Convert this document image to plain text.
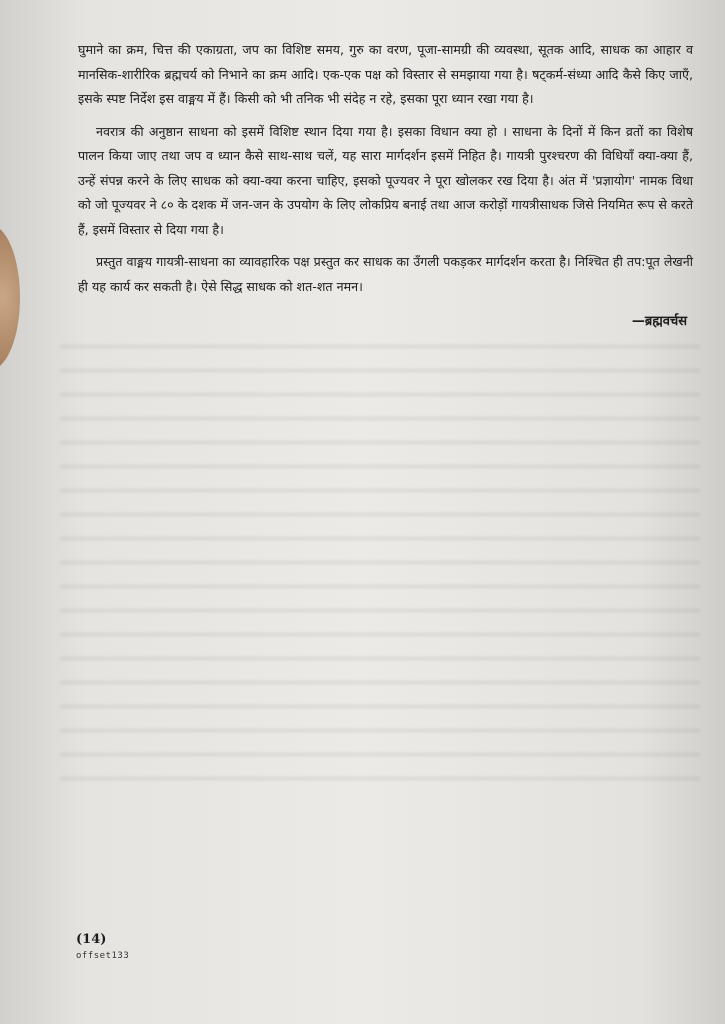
घुमाने का क्रम, चित्त की एकाग्रता, जप का विशिष्ट समय, गुरु का वरण, पूजा-सामग्री की व्यवस्था, सूतक आदि, साधक का आहार व मानसिक-शारीरिक ब्रह्मचर्य को निभाने का क्रम आदि। एक-एक पक्ष को विस्तार से समझाया गया है। षट्कर्म-संध्या आदि कैसे किए जाएँ, इसके स्पष्ट निर्देश इस वाङ्मय में हैं। किसी को भी तनिक भी संदेह न रहे, इसका पूरा ध्यान रखा गया है।

नवरात्र की अनुष्ठान साधना को इसमें विशिष्ट स्थान दिया गया है। इसका विधान क्या हो । साधना के दिनों में किन व्रतों का विशेष पालन किया जाए तथा जप व ध्यान कैसे साथ-साथ चलें, यह सारा मार्गदर्शन इसमें निहित है। गायत्री पुरश्चरण की विधियाँ क्या-क्या हैं, उन्हें संपन्न करने के लिए साधक को क्या-क्या करना चाहिए, इसको पूज्यवर ने पूरा खोलकर रख दिया है। अंत में 'प्रज्ञायोग' नामक विधा को जो पूज्यवर ने ८० के दशक में जन-जन के उपयोग के लिए लोकप्रिय बनाई तथा आज करोड़ों गायत्रीसाधक जिसे नियमित रूप से करते हैं, इसमें विस्तार से दिया गया है।

प्रस्तुत वाङ्मय गायत्री-साधना का व्यावहारिक पक्ष प्रस्तुत कर साधक का उँगली पकड़कर मार्गदर्शन करता है। निश्चित ही तप:पूत लेखनी ही यह कार्य कर सकती है। ऐसे सिद्ध साधक को शत-शत नमन।

—ब्रह्मवर्चस
(14)
offset133
